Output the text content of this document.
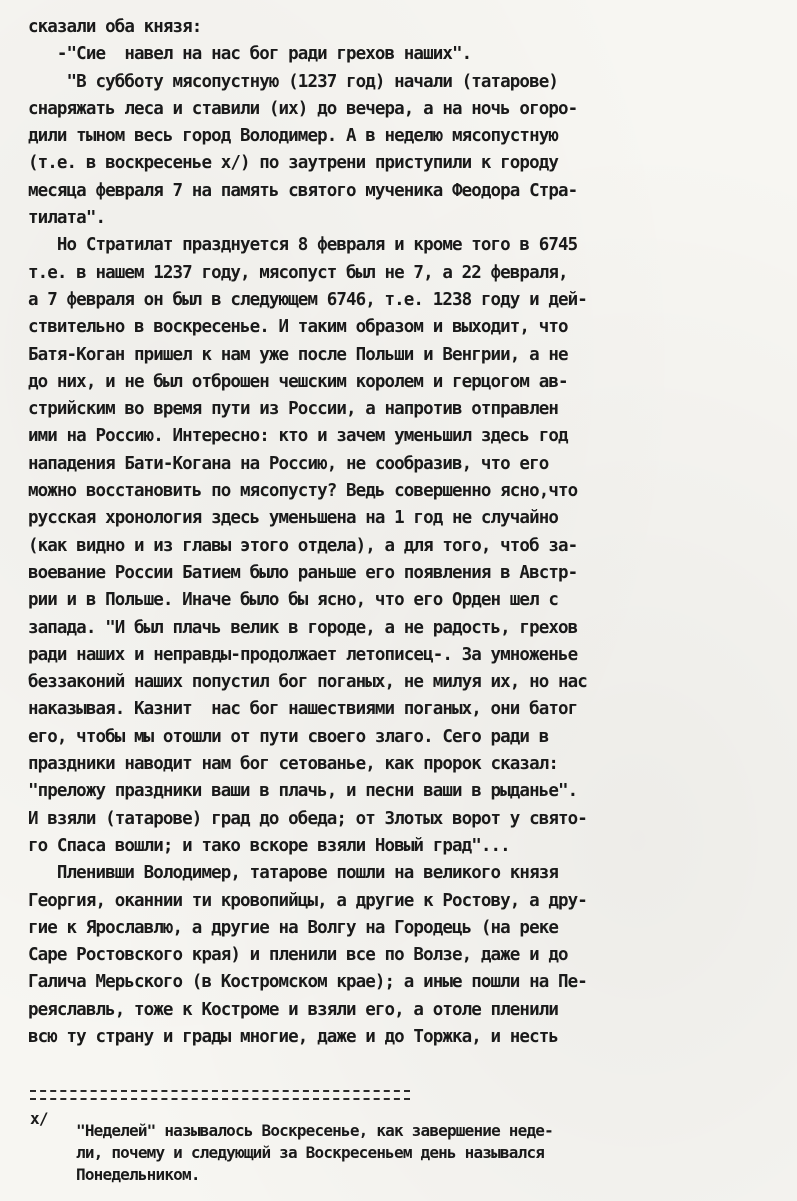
сказали оба князя:
-"Сие  навел на нас бог ради грехов наших".
"В субботу мясопустную (1237 год) начали (татарове)
снаряжать леса и ставили (их) до вечера, а на ночь огоро-
дили тыном весь город Володимер. А в неделю мясопустную
(т.е. в воскресенье x/) по заутрени приступили к городу
месяца февраля 7 на память святого мученика Феодора Стра-
тилата".
Но Стратилат празднуется 8 февраля и кроме того в 6745
т.е. в нашем 1237 году, мясопуст был не 7, а 22 февраля,
а 7 февраля он был в следующем 6746, т.е. 1238 году и дей-
ствительно в воскресенье. И таким образом и выходит, что
Батя-Коган пришел к нам уже после Польши и Венгрии, а не
до них, и не был отброшен чешским королем и герцогом ав-
стрийским во время пути из России, а напротив отправлен
ими на Россию. Интересно: кто и зачем уменьшил здесь год
нападения Бати-Когана на Россию, не сообразив, что его
можно восстановить по мясопусту? Ведь совершенно ясно,что
русская хронология здесь уменьшена на 1 год не случайно
(как видно и из главы этого отдела), а для того, чтоб за-
воевание России Батием было раньше его появления в Австр-
рии и в Польше. Иначе было бы ясно, что его Орден шел с
запада. "И был плачь велик в городе, а не радость, грехов
ради наших и неправды-продолжает летописец-. За умноженье
беззаконий наших попустил бог поганых, не милуя их, но нас
наказывая. Казнит  нас бог нашествиями поганых, они батог
его, чтобы мы отошли от пути своего злаго. Сего ради в
праздники наводит нам бог сетованье, как пророк сказал:
"преложу праздники ваши в плачь, и песни ваши в рыданье".
И взяли (татарове) град до обеда; от Злотых ворот у свято-
го Спаса вошли; и тако вскоре взяли Новый град"...
Пленивши Володимер, татарове пошли на великого князя
Георгия, оканнии ти кровопийцы, а другие к Ростову, а дру-
гие к Ярославлю, а другие на Волгу на Городець (на реке
Саре Ростовского края) и пленили все по Волзе, даже и до
Галича Мерьского (в Костромском крае); а иные пошли на Пе-
реяславль, тоже к Костроме и взяли его, а отоле пленили
всю ту страну и грады многие, даже и до Торжка, и несть
x/
"Неделей" называлось Воскресенье, как завершение неде-
ли, почему и следующий за Воскресеньем день назывался
Понедельником.
